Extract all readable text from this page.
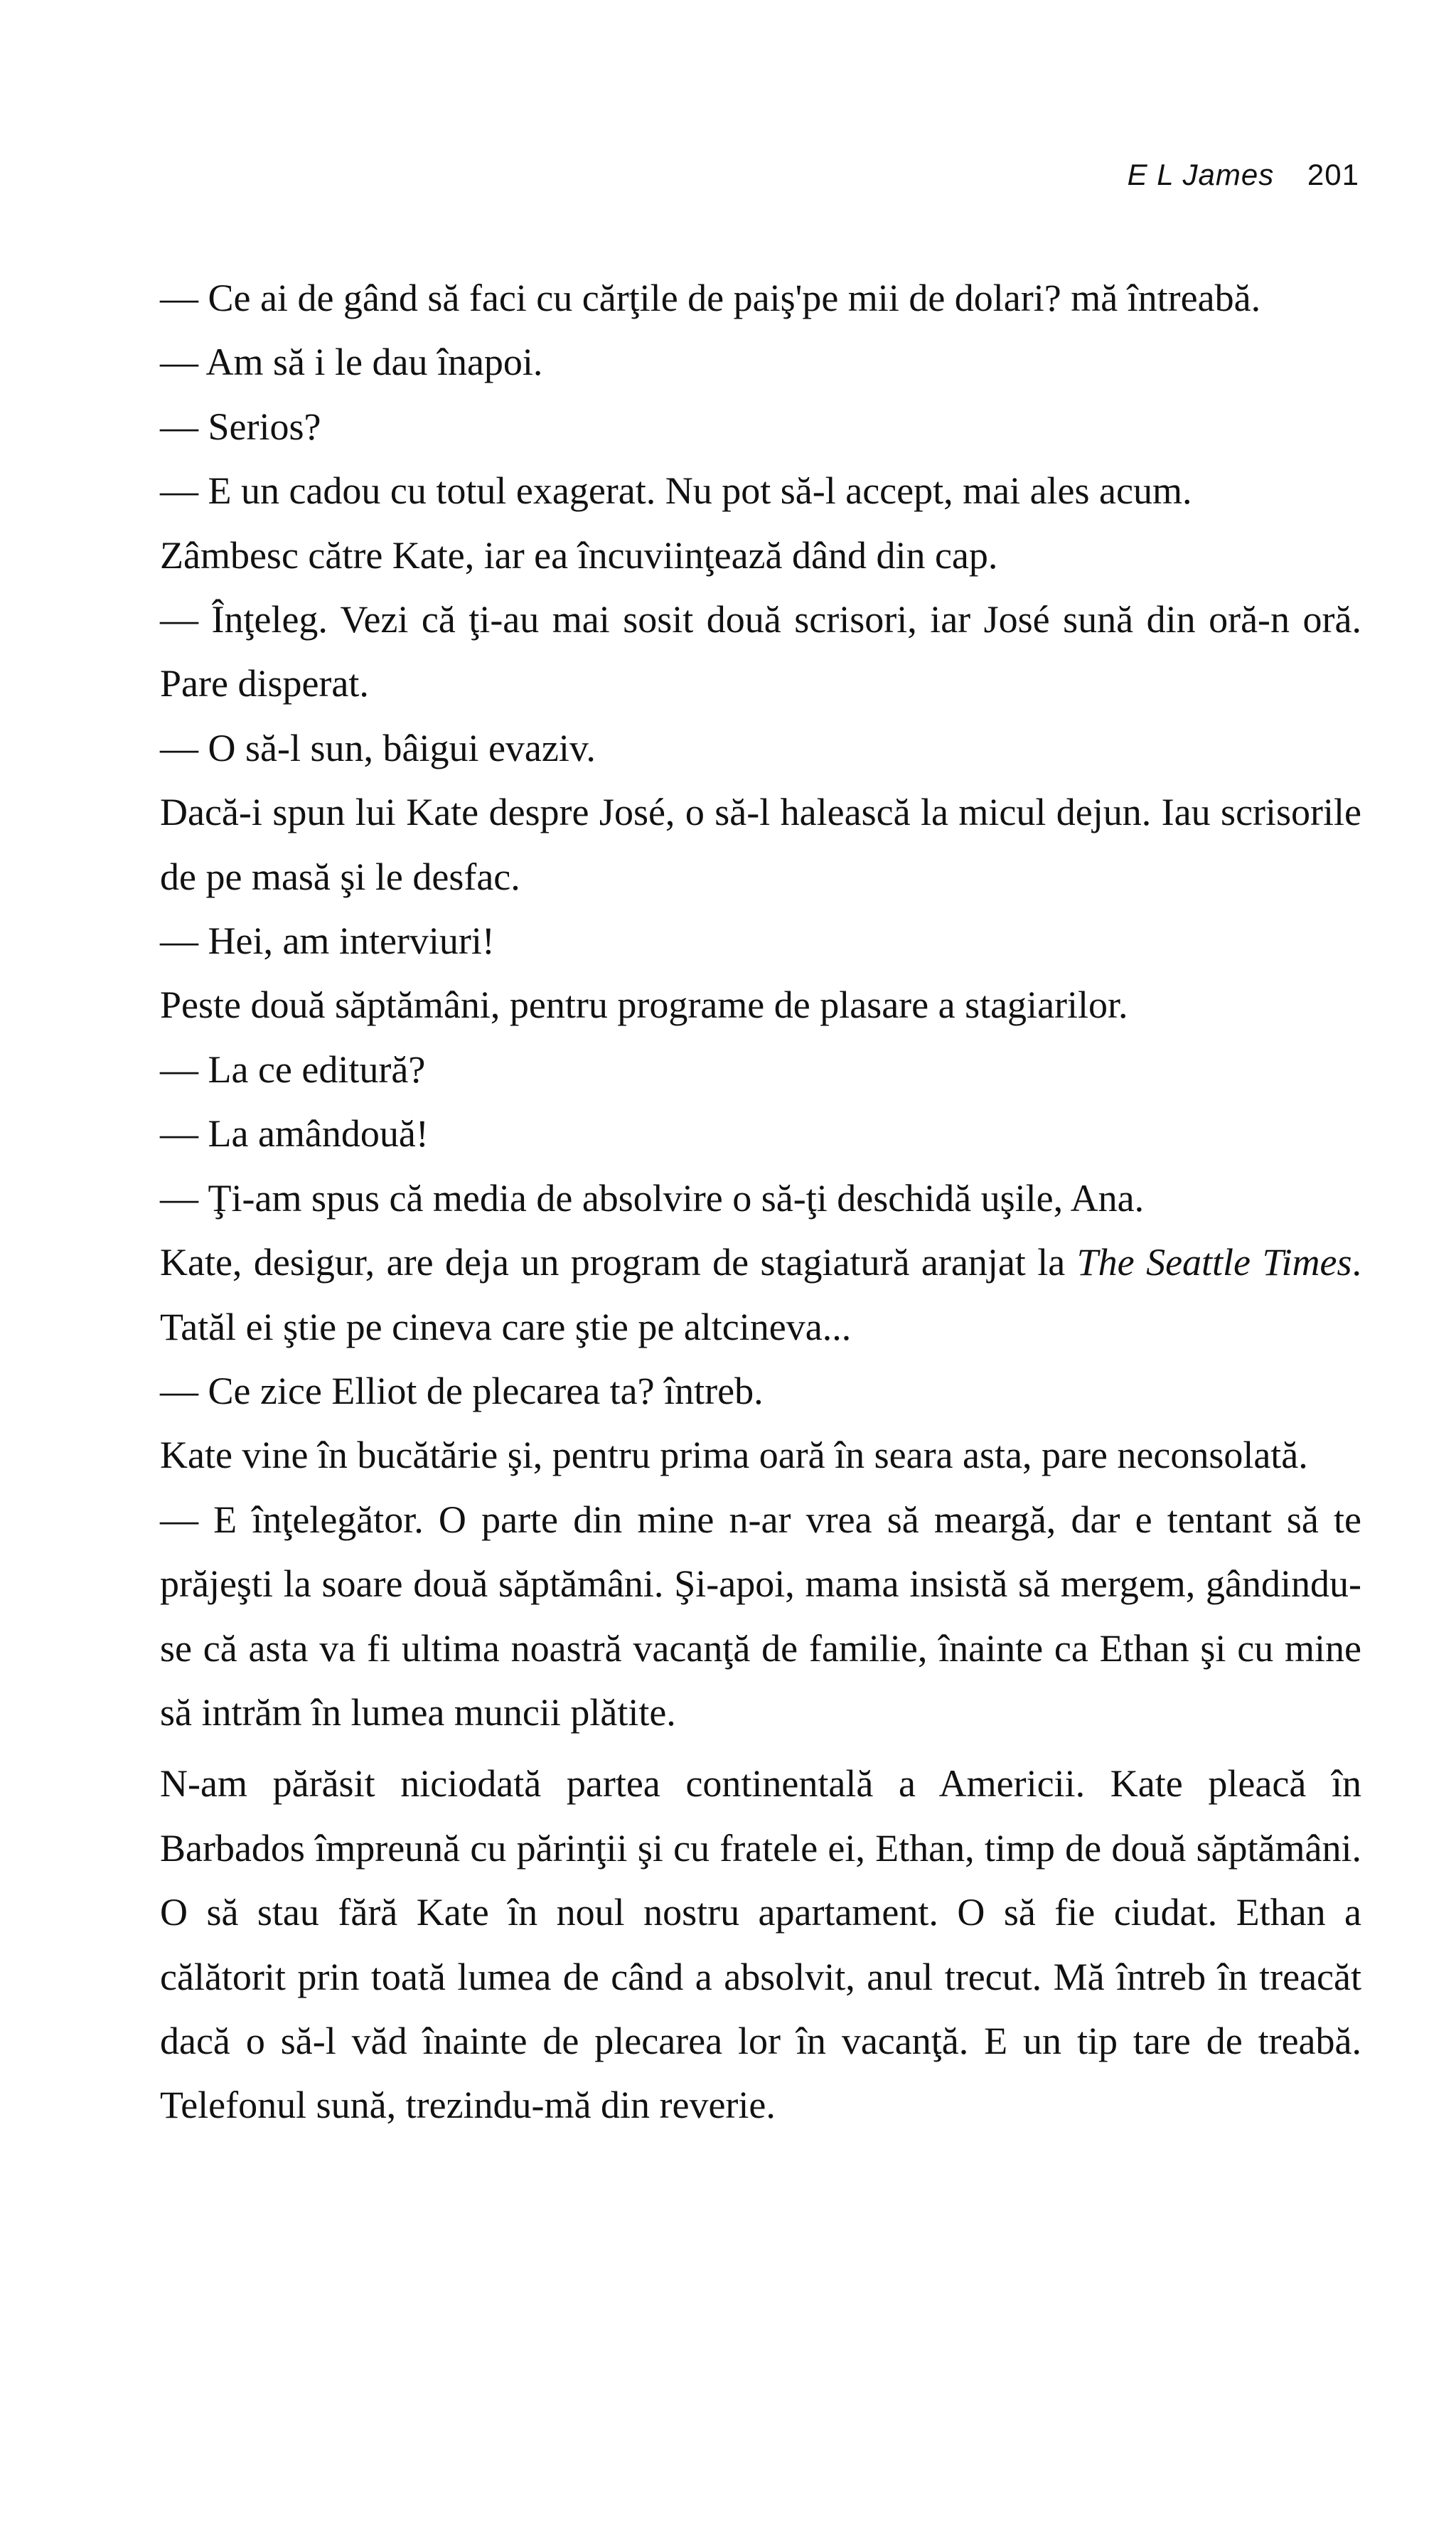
E L James 201

— Ce ai de gând să faci cu cărţile de paiş'pe mii de dolari? mă întreabă.

— Am să i le dau înapoi.

— Serios?

— E un cadou cu totul exagerat. Nu pot să-l accept, mai ales acum.

Zâmbesc către Kate, iar ea încuviinţează dând din cap.

— Înţeleg. Vezi că ţi-au mai sosit două scrisori, iar José sună din oră-n oră. Pare disperat.

— O să-l sun, bâigui evaziv.

Dacă-i spun lui Kate despre José, o să-l halească la micul dejun. Iau scrisorile de pe masă şi le desfac.

— Hei, am interviuri!

Peste două săptămâni, pentru programe de plasare a stagiarilor.

— La ce editură?

— La amândouă!

— Ţi-am spus că media de absolvire o să-ţi deschidă uşile, Ana.

Kate, desigur, are deja un program de stagiatură aranjat la The Seattle Times. Tatăl ei ştie pe cineva care ştie pe altcineva...

— Ce zice Elliot de plecarea ta? întreb.

Kate vine în bucătărie şi, pentru prima oară în seara asta, pare neconsolată.

— E înţelegător. O parte din mine n-ar vrea să meargă, dar e tentant să te prăjeşti la soare două săptămâni. Şi-apoi, mama insistă să mergem, gândindu-se că asta va fi ultima noastră vacanţă de familie, înainte ca Ethan şi cu mine să intrăm în lumea muncii plătite.

N-am părăsit niciodată partea continentală a Americii. Kate pleacă în Barbados împreună cu părinţii şi cu fratele ei, Ethan, timp de două săptămâni. O să stau fără Kate în noul nostru apartament. O să fie ciudat. Ethan a călătorit prin toată lumea de când a absolvit, anul trecut. Mă întreb în treacăt dacă o să-l văd înainte de plecarea lor în vacanţă. E un tip tare de treabă. Telefonul sună, trezindu-mă din reverie.
